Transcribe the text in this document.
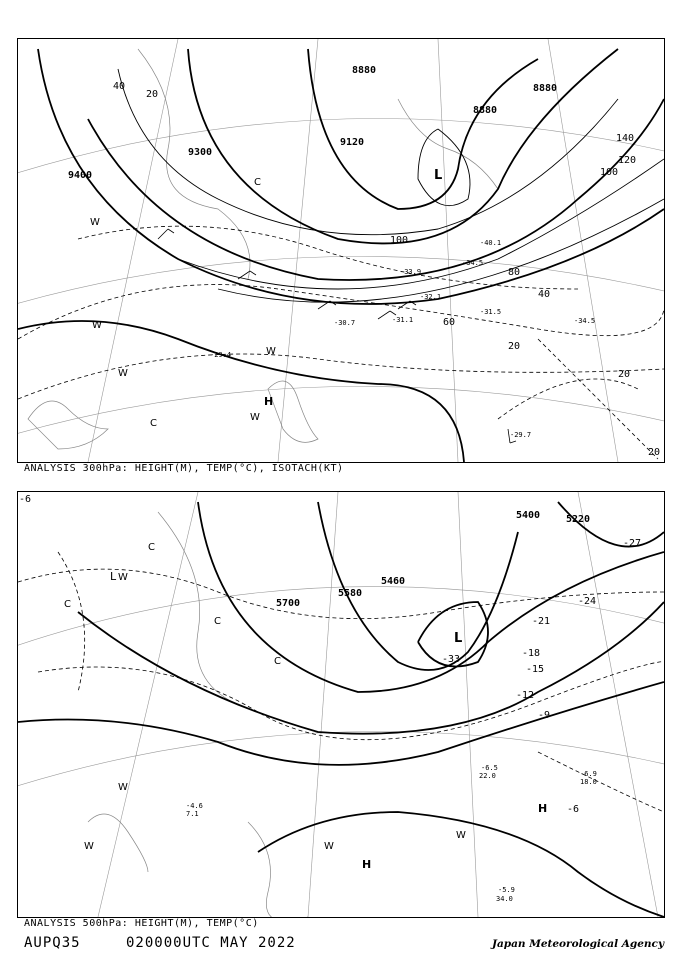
9400
9300
9120
8880
8880
8880
40
20
100
120
140
100
80
40
60
20
20
20
-29.7
-29.4
-34.5
-31.5
-31.1
-30.7
-32.1
-33.9
-34.5
-40.1
L
H
W
W
W
W
W
C
C
ANALYSIS 300hPa: HEIGHT(M), TEMP(°C), ISOTACH(KT)
5700
5580
5460
5400	5220
-27
-24
-21
-18
-15
-12
-9
-33
-6
-5.9
34.0
-6.5
22.0	-6.9
18.0
-4.6
7.1
L
L
H
H
W
W
W
W
W
C
C
C
C
-6
ANALYSIS 500hPa: HEIGHT(M), TEMP(°C)
AUPQ35	020000UTC MAY 2022	Japan Meteorological Agency
